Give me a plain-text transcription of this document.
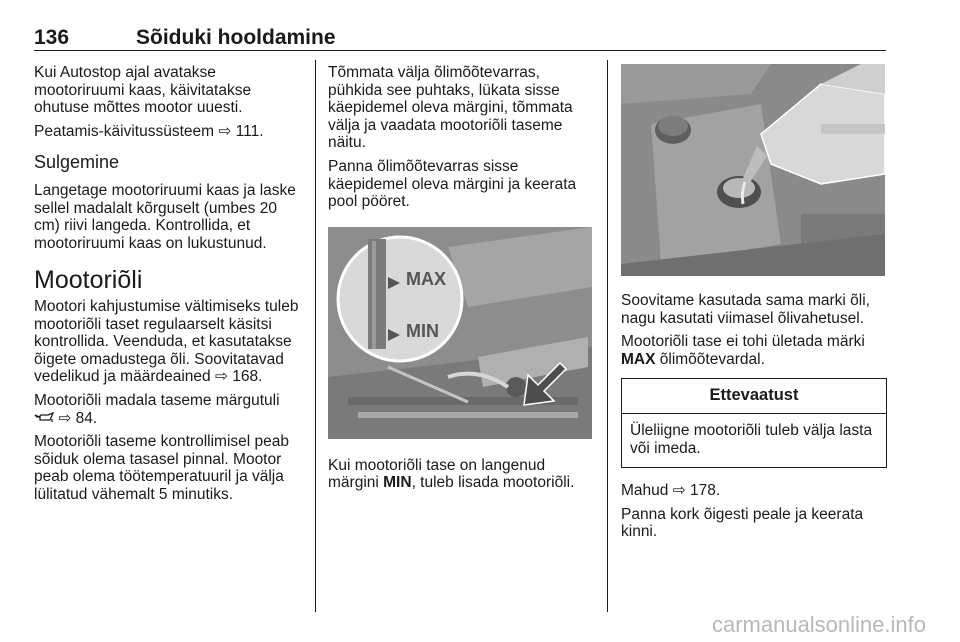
136	Sõiduki hooldamine

Kui Autostop ajal avatakse mootoriruumi kaas, käivitatakse ohutuse mõttes mootor uuesti.

Peatamis-käivitussüsteem ⇨ 111.

Sulgemine

Langetage mootoriruumi kaas ja laske sellel madalalt kõrguselt (umbes 20 cm) riivi langeda. Kontrollida, et mootoriruumi kaas on lukustunud.

Mootoriõli

Mootori kahjustumise vältimiseks tuleb mootoriõli taset regulaarselt käsitsi kontrollida. Veenduda, et kasutatakse õigete omadustega õli. Soovitatavad vedelikud ja määrdeained ⇨ 168.

Mootoriõli madala taseme märgutuli
⇨ 84.

Mootoriõli taseme kontrollimisel peab sõiduk olema tasasel pinnal. Mootor peab olema töötemperatuuril ja välja lülitatud vähemalt 5 minutiks.

Tõmmata välja õlimõõtevarras, pühkida see puhtaks, lükata sisse käepidemel oleva märgini, tõmmata välja ja vaadata mootoriõli taseme näitu.

Panna õlimõõtevarras sisse käepidemel oleva märgini ja keerata pool pööret.

MAX
MIN

Kui mootoriõli tase on langenud märgini MIN, tuleb lisada mootoriõli.

Soovitame kasutada sama marki õli, nagu kasutati viimasel õlivahetusel.

Mootoriõli tase ei tohi ületada märki MAX õlimõõtevardal.

Ettevaatust
Üleliigne mootoriõli tuleb välja lasta või imeda.

Mahud ⇨ 178.

Panna kork õigesti peale ja keerata kinni.

carmanualsonline.info
